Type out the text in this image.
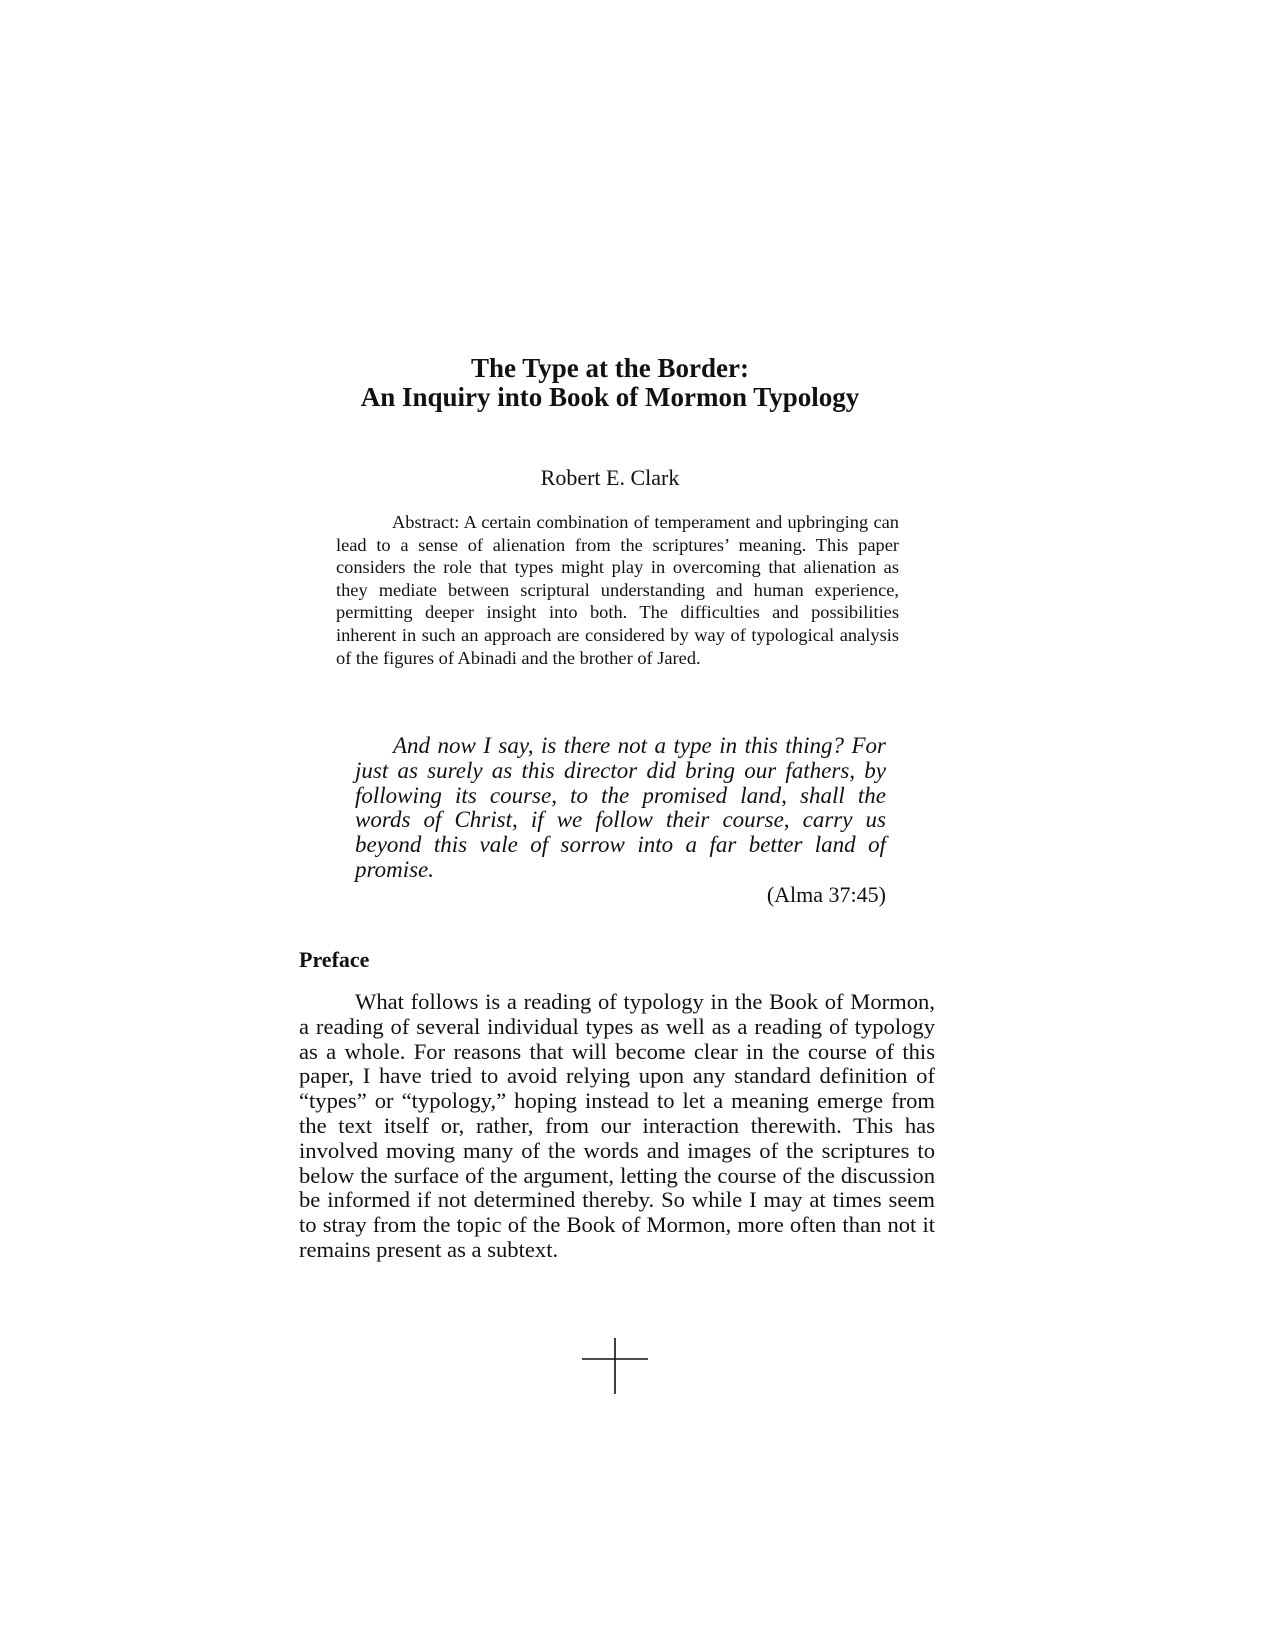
The Type at the Border:
An Inquiry into Book of Mormon Typology
Robert E. Clark

Abstract: A certain combination of temperament and upbringing can lead to a sense of alienation from the scriptures’ meaning. This paper considers the role that types might play in overcoming that alienation as they mediate between scriptural understanding and human experience, permitting deeper insight into both. The difficulties and possibilities inherent in such an approach are considered by way of typological analysis of the figures of Abinadi and the brother of Jared.

And now I say, is there not a type in this thing? For just as surely as this director did bring our fathers, by following its course, to the promised land, shall the words of Christ, if we follow their course, carry us beyond this vale of sorrow into a far better land of promise.

(Alma 37:45)
Preface

What follows is a reading of typology in the Book of Mormon, a reading of several individual types as well as a reading of typology as a whole. For reasons that will become clear in the course of this paper, I have tried to avoid relying upon any standard definition of “types” or “typology,” hoping instead to let a meaning emerge from the text itself or, rather, from our interaction therewith. This has involved moving many of the words and images of the scriptures to below the surface of the argument, letting the course of the discussion be informed if not determined thereby. So while I may at times seem to stray from the topic of the Book of Mormon, more often than not it remains present as a subtext.
